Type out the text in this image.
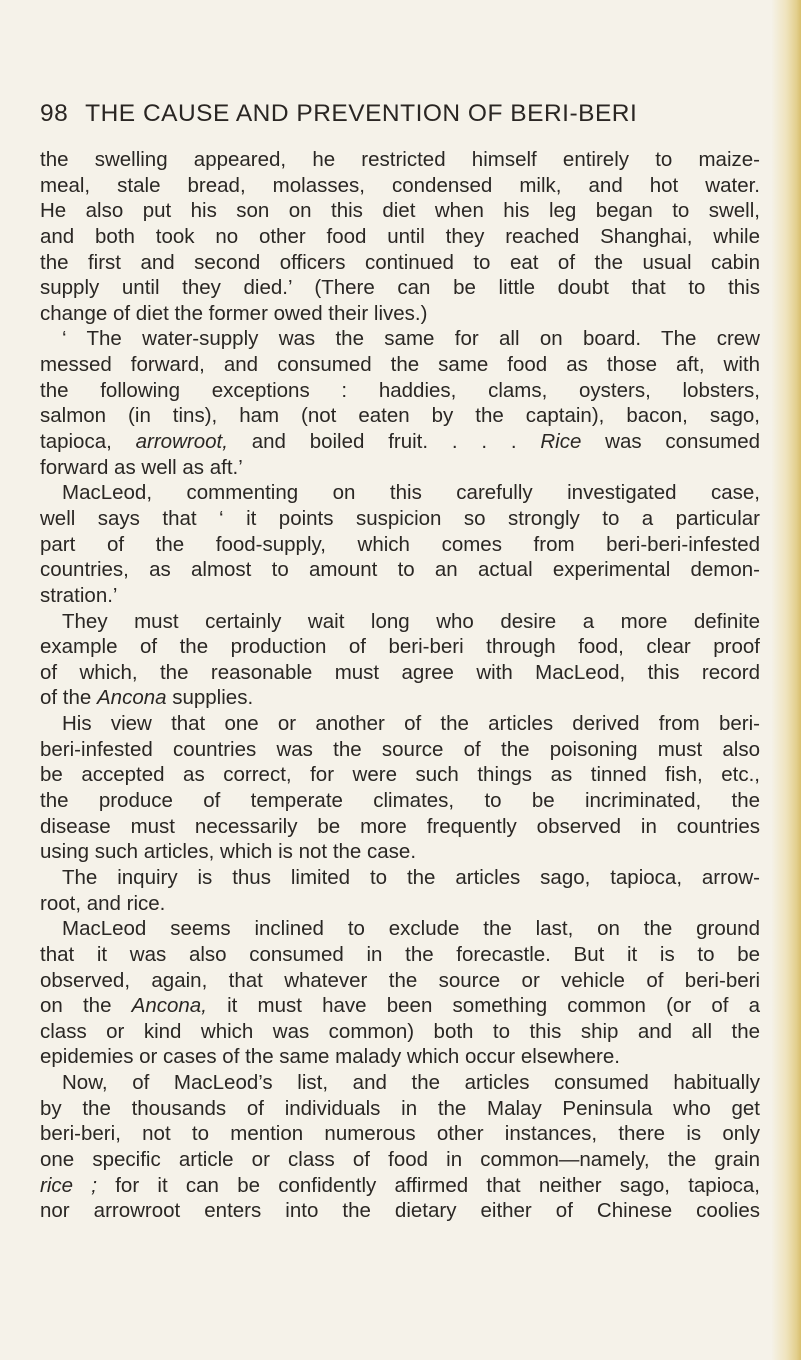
98 THE CAUSE AND PREVENTION OF BERI-BERI
the swelling appeared, he restricted himself entirely to maize-
meal, stale bread, molasses, condensed milk, and hot water.
He also put his son on this diet when his leg began to swell,
and both took no other food until they reached Shanghai, while
the first and second officers continued to eat of the usual cabin
supply until they died.’ (There can be little doubt that to this
change of diet the former owed their lives.)
‘ The water-supply was the same for all on board. The crew
messed forward, and consumed the same food as those aft, with
the following exceptions : haddies, clams, oysters, lobsters,
salmon (in tins), ham (not eaten by the captain), bacon, sago,
tapioca, arrowroot, and boiled fruit. . . . Rice was consumed
forward as well as aft.’
MacLeod, commenting on this carefully investigated case,
well says that ‘ it points suspicion so strongly to a particular
part of the food-supply, which comes from beri-beri-infested
countries, as almost to amount to an actual experimental demon-
stration.’
They must certainly wait long who desire a more definite
example of the production of beri-beri through food, clear proof
of which, the reasonable must agree with MacLeod, this record
of the Ancona supplies.
His view that one or another of the articles derived from beri-
beri-infested countries was the source of the poisoning must also
be accepted as correct, for were such things as tinned fish, etc.,
the produce of temperate climates, to be incriminated, the
disease must necessarily be more frequently observed in countries
using such articles, which is not the case.
The inquiry is thus limited to the articles sago, tapioca, arrow-
root, and rice.
MacLeod seems inclined to exclude the last, on the ground
that it was also consumed in the forecastle. But it is to be
observed, again, that whatever the source or vehicle of beri-beri
on the Ancona, it must have been something common (or of a
class or kind which was common) both to this ship and all the
epidemies or cases of the same malady which occur elsewhere.
Now, of MacLeod’s list, and the articles consumed habitually
by the thousands of individuals in the Malay Peninsula who get
beri-beri, not to mention numerous other instances, there is only
one specific article or class of food in common—namely, the grain
rice ; for it can be confidently affirmed that neither sago, tapioca,
nor arrowroot enters into the dietary either of Chinese coolies
